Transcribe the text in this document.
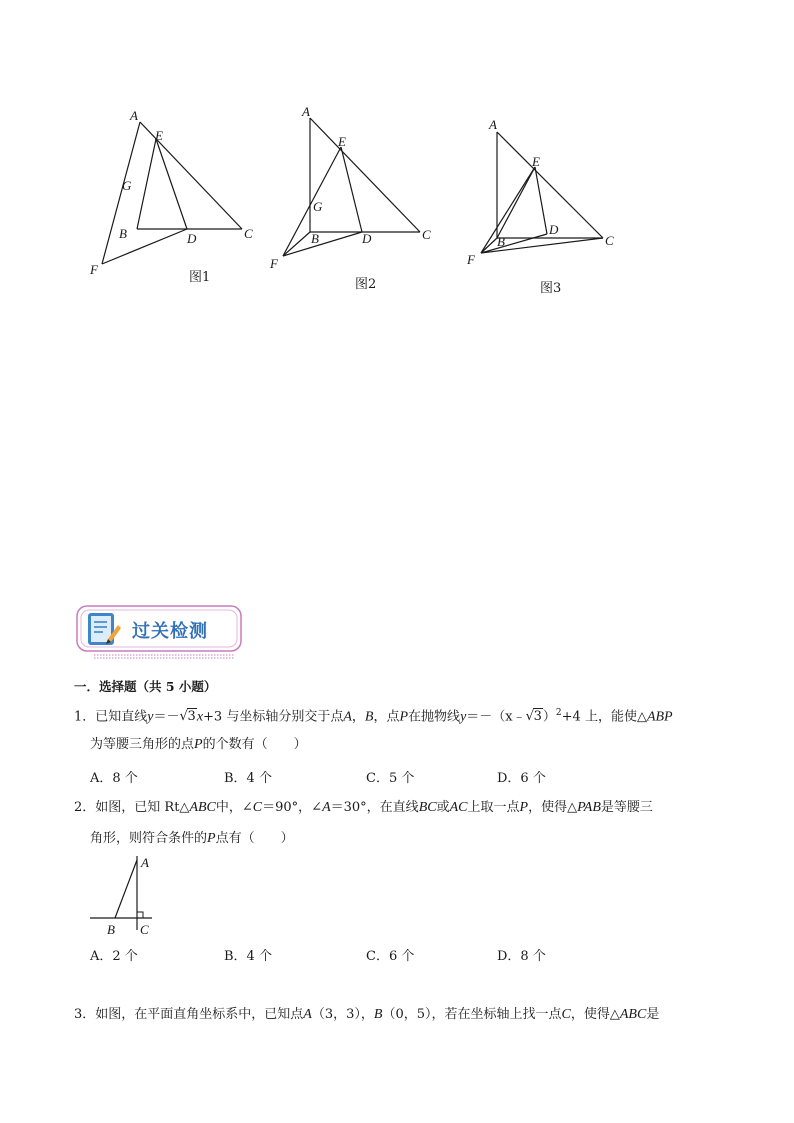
A
E
G
B	D	C
F
图1
A
E
G
B	D	C
F
图2
A
E
B
D
C
F
图3
过关检测
一．选择题（共 5 小题）
1．已知直线y＝－ √ 3x+3 与坐标轴分别交于点A，B，点P在抛物线y＝－（x﹣ √ 3）$^2$+4 上，能使△ABP
为等腰三角形的点P的个数有（　　）
A．8 个	B．4 个	C．5 个	D．6 个
2．如图，已知 Rt△ABC中，∠C＝90°，∠A＝30°，在直线BC或AC上取一点P，使得△PAB是等腰三
角形，则符合条件的P点有（　　）
A
B C
A．2 个	B．4 个	C．6 个	D．8 个
3．如图，在平面直角坐标系中，已知点A（3，3），B（0，5），若在坐标轴上找一点C，使得△ABC是
